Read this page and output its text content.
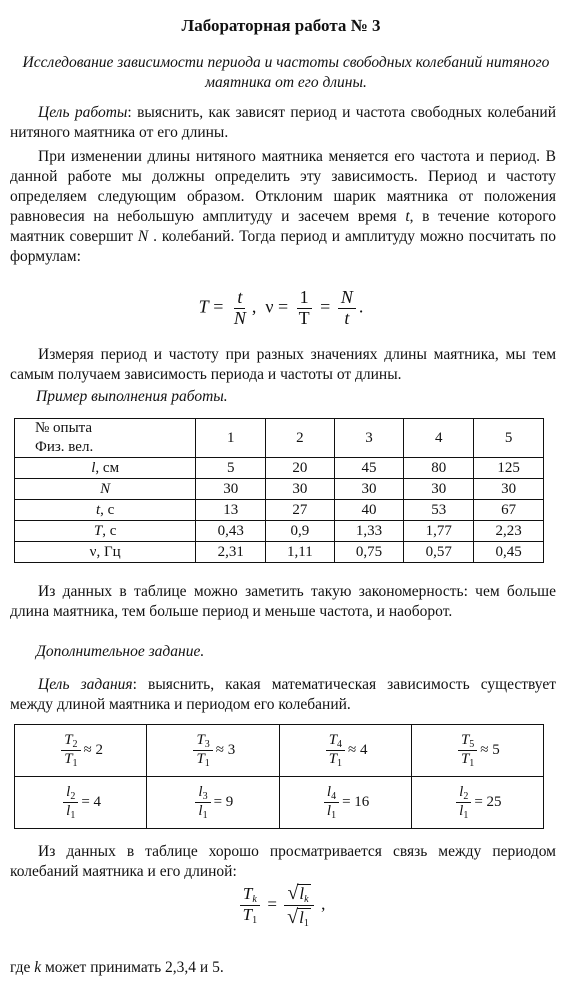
Лабораторная работа № 3
Исследование зависимости периода и частоты свободных колебаний нитяного маятника от его длины.
Цель работы: выяснить, как зависят период и частота свободных колебаний нитяного маятника от его длины.
При изменении длины нитяного маятника меняется его частота и период. В данной работе мы должны определить эту зависимость. Период и частоту определяем следующим образом. Отклоним шарик маятника от положения равновесия на небольшую амплитуду и засечем время t, в течение которого маятник совершит N . колебаний. Тогда период и амплитуду можно посчитать по формулам:
$T = \frac{t}{N}$ , $\nu = \frac{1}{T} = \frac{N}{t}$ .
Измеряя период и частоту при разных значениях длины маятника, мы тем самым получаем зависимость периода и частоты от длины.
Пример выполнения работы.
№ опыта
Физ. вел.	1	2	3	4	5
l, см	5	20	45	80	125
N	30	30	30	30	30
t, с	13	27	40	53	67
T, с	0,43	0,9	1,33	1,77	2,23
ν, Гц	2,31	1,11	0,75	0,57	0,45
Из данных в таблице можно заметить такую закономерность: чем больше длина маятника, тем больше период и меньше частота, и наоборот.
Дополнительное задание.
Цель задания: выяснить, какая математическая зависимость существует между длиной маятника и периодом его колебаний.
$\frac{T_2}{T_1} \approx 2$	$\frac{T_3}{T_1} \approx 3$	$\frac{T_4}{T_1} \approx 4$	$\frac{T_5}{T_1} \approx 5$

$\frac{l_2}{l_1} = 4$	$\frac{l_3}{l_1} = 9$	$\frac{l_4}{l_1} = 16$	$\frac{l_2}{l_1} = 25$
Из данных в таблице хорошо просматривается связь между периодом колебаний маятника и его длиной:
$\frac{T_k}{T_1} = \frac{√l_k}{√l_1}$ ,
где k может принимать 2,3,4 и 5.
